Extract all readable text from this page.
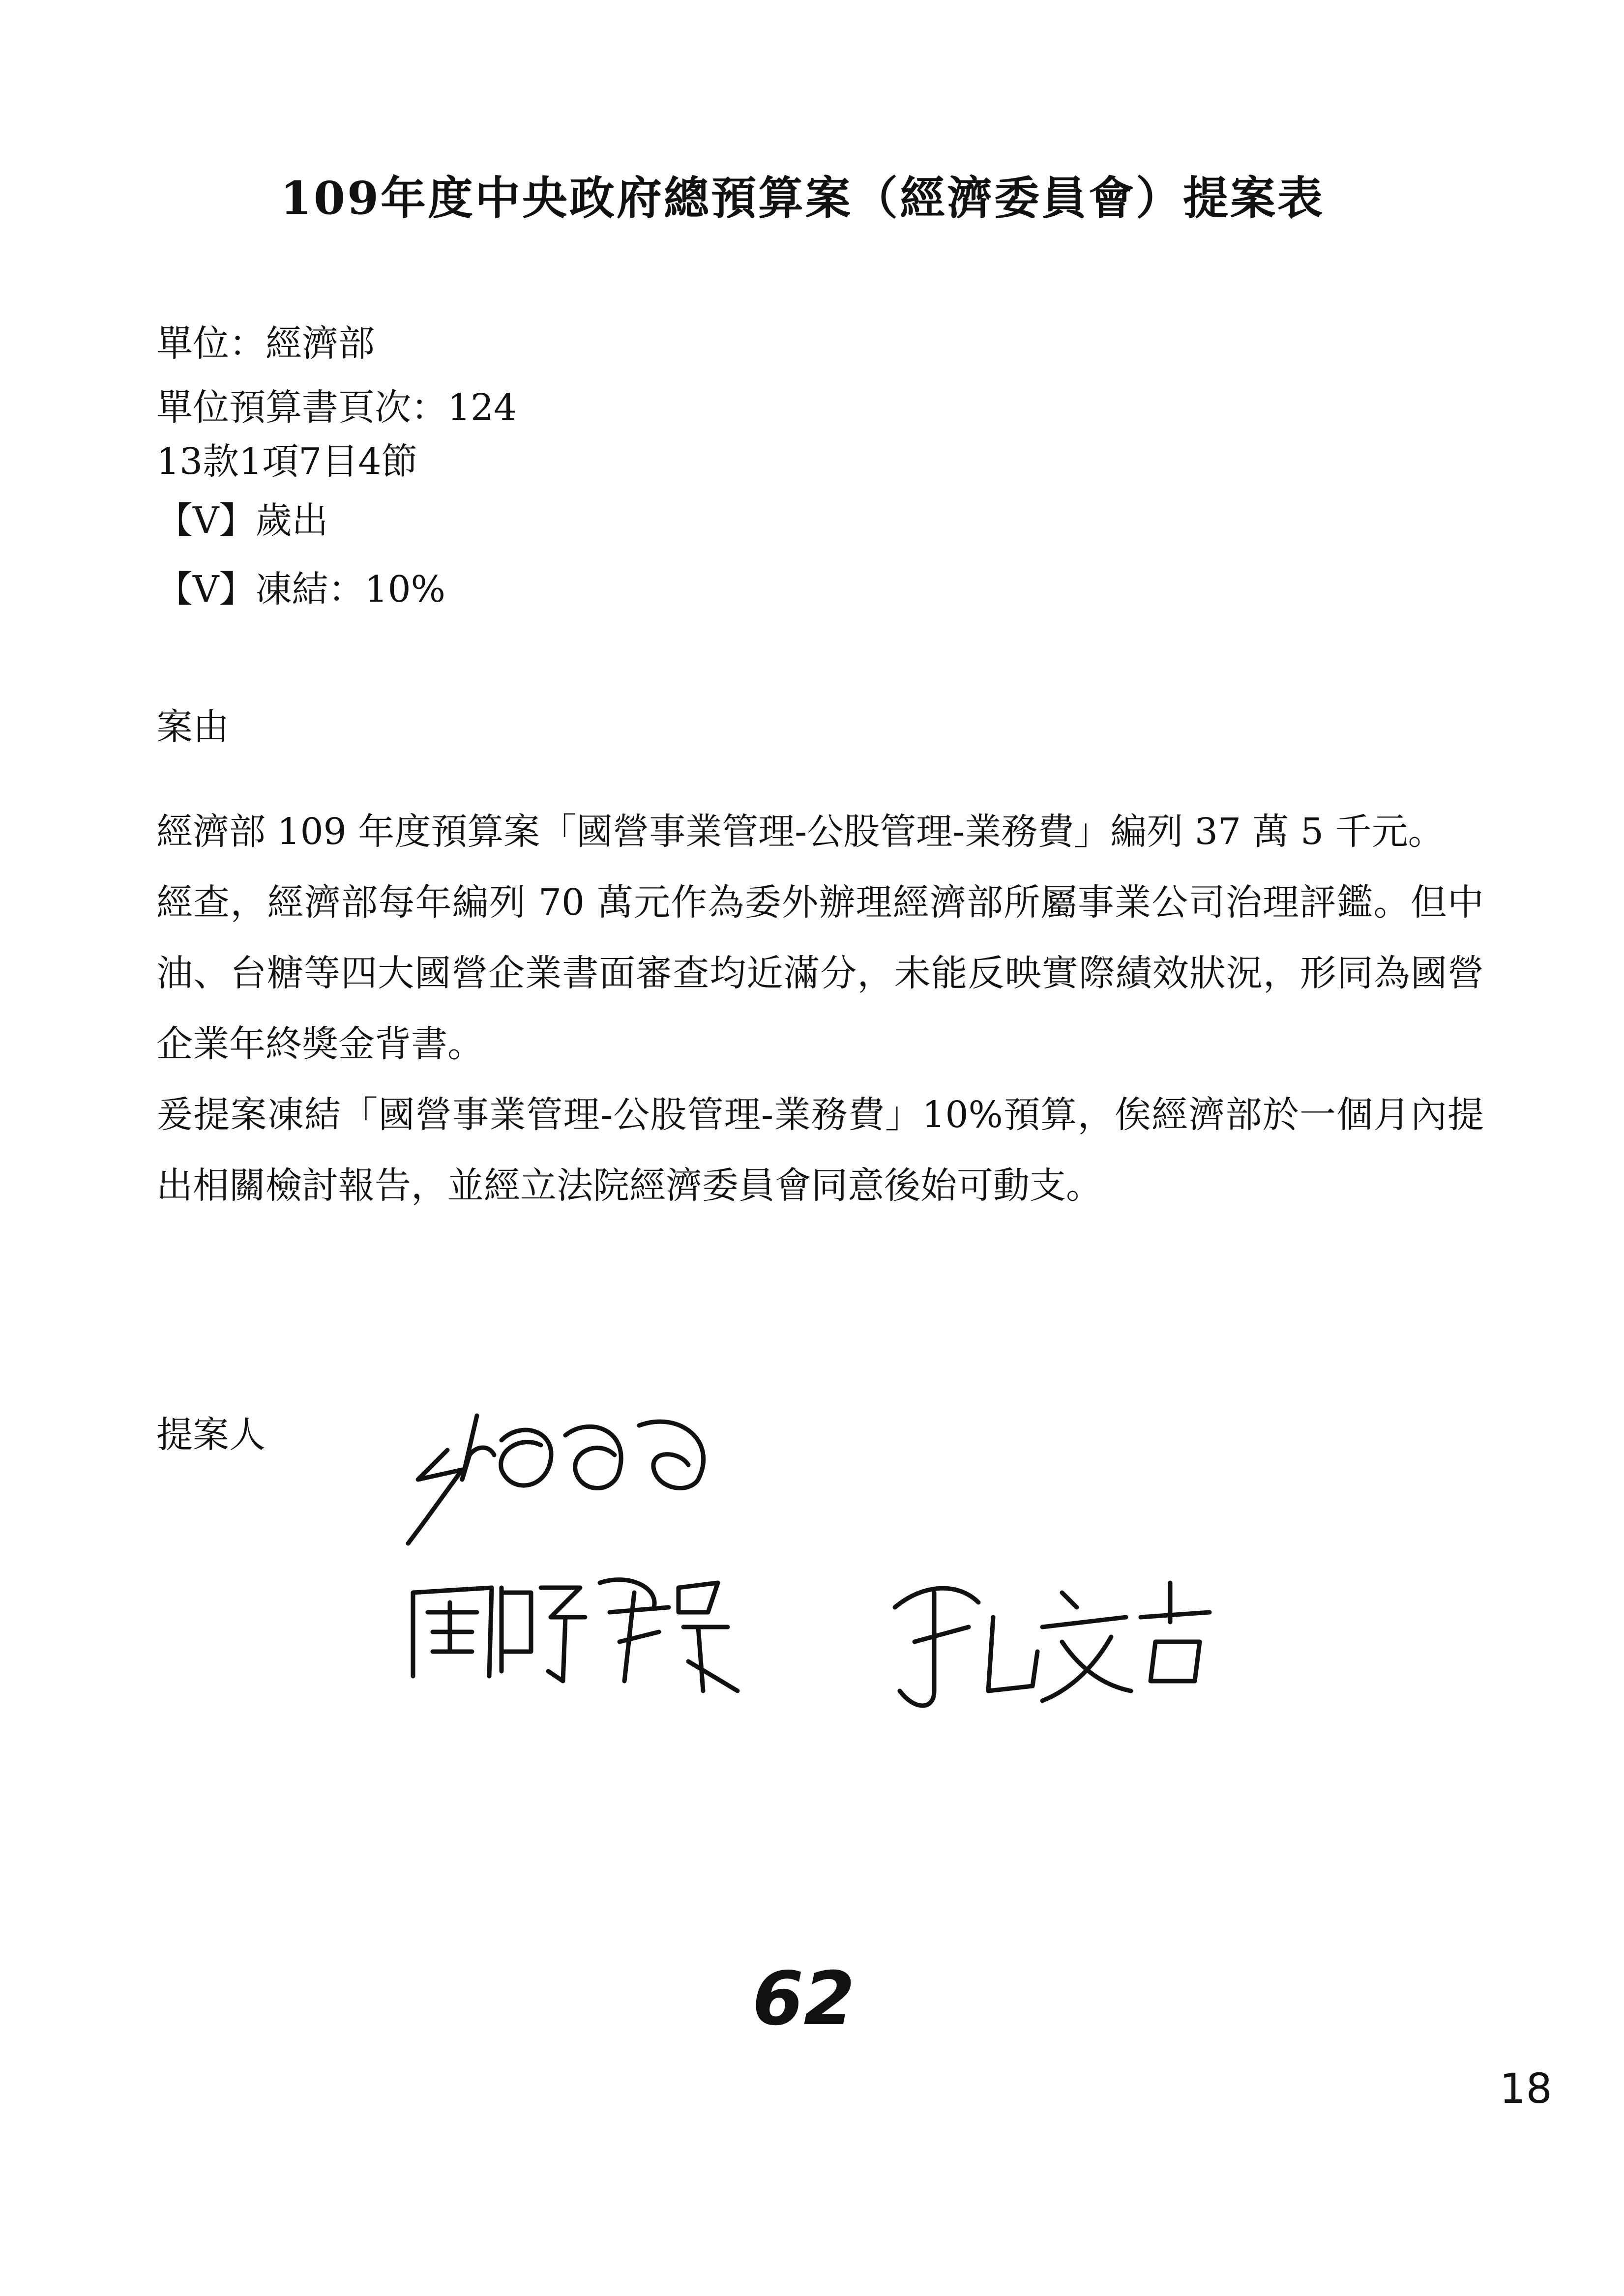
109年度中央政府總預算案（經濟委員會）提案表
單位：經濟部
單位預算書頁次：124
13款1項7目4節
【V】歲出
【V】凍結：10%
案由

經濟部 109 年度預算案「國營事業管理-公股管理-業務費」編列 37 萬 5 千元。

經查，經濟部每年編列 70 萬元作為委外辦理經濟部所屬事業公司治理評鑑。但中油、台糖等四大國營企業書面審查均近滿分，未能反映實際績效狀況，形同為國營企業年終獎金背書。

爰提案凍結「國營事業管理-公股管理-業務費」10%預算，俟經濟部於一個月內提出相關檢討報告，並經立法院經濟委員會同意後始可動支。

提案人
62
18
